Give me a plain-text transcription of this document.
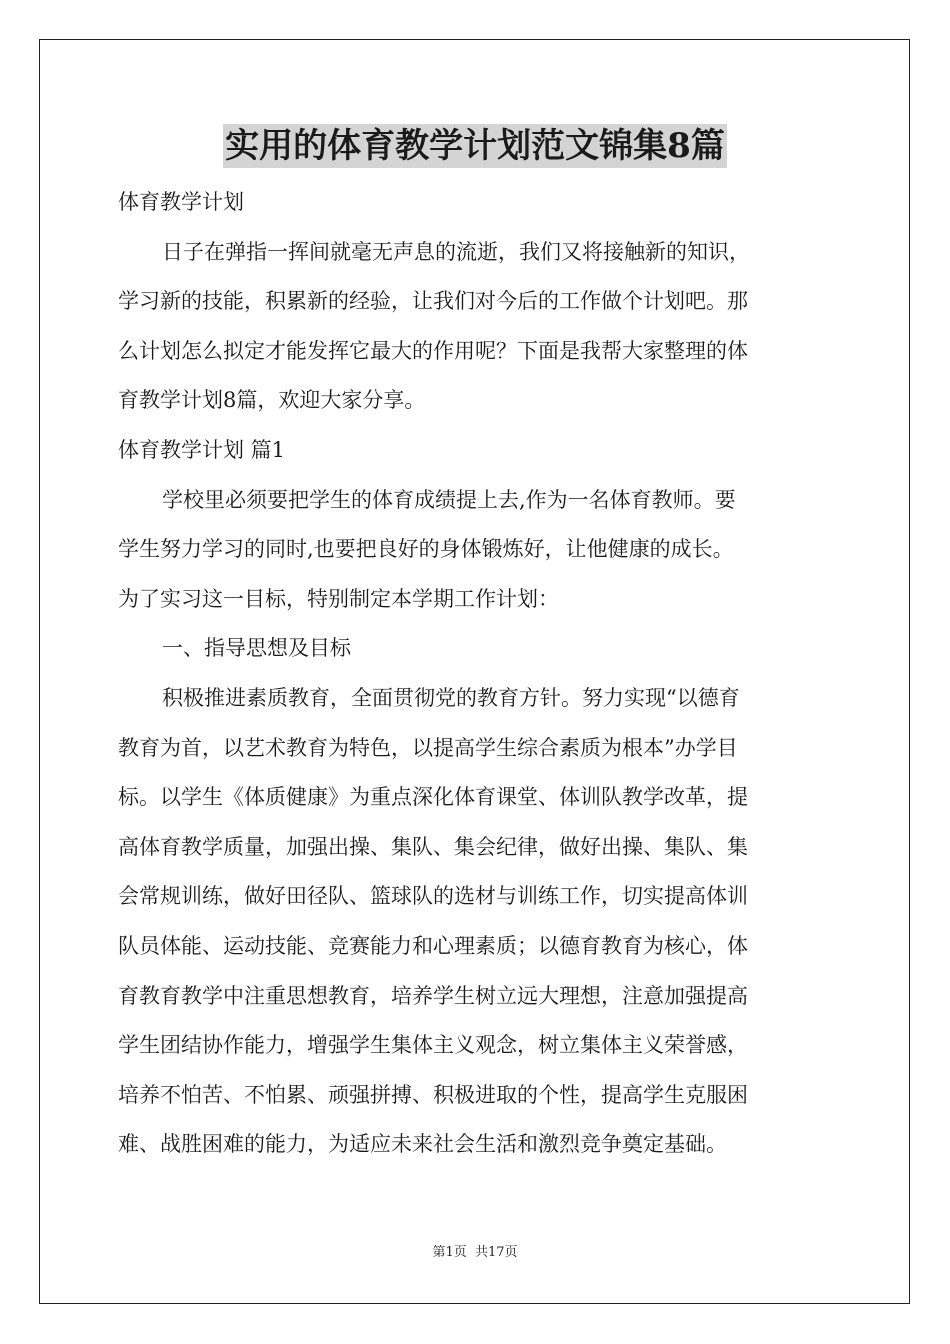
实用的体育教学计划范文锦集8篇
体育教学计划
日子在弹指一挥间就毫无声息的流逝，我们又将接触新的知识，
学习新的技能，积累新的经验，让我们对今后的工作做个计划吧。那
么计划怎么拟定才能发挥它最大的作用呢？下面是我帮大家整理的体
育教学计划8篇，欢迎大家分享。
体育教学计划 篇1
学校里必须要把学生的体育成绩提上去,作为一名体育教师。要
学生努力学习的同时,也要把良好的身体锻炼好，让他健康的成长。
为了实习这一目标，特别制定本学期工作计划：
一、指导思想及目标
积极推进素质教育，全面贯彻党的教育方针。努力实现“以德育
教育为首，以艺术教育为特色，以提高学生综合素质为根本”办学目
标。以学生《体质健康》为重点深化体育课堂、体训队教学改革，提
高体育教学质量，加强出操、集队、集会纪律，做好出操、集队、集
会常规训练，做好田径队、篮球队的选材与训练工作，切实提高体训
队员体能、运动技能、竞赛能力和心理素质；以德育教育为核心，体
育教育教学中注重思想教育，培养学生树立远大理想，注意加强提高
学生团结协作能力，增强学生集体主义观念，树立集体主义荣誉感，
培养不怕苦、不怕累、顽强拼搏、积极进取的个性，提高学生克服困
难、战胜困难的能力，为适应未来社会生活和激烈竞争奠定基础。
第1页 共17页
